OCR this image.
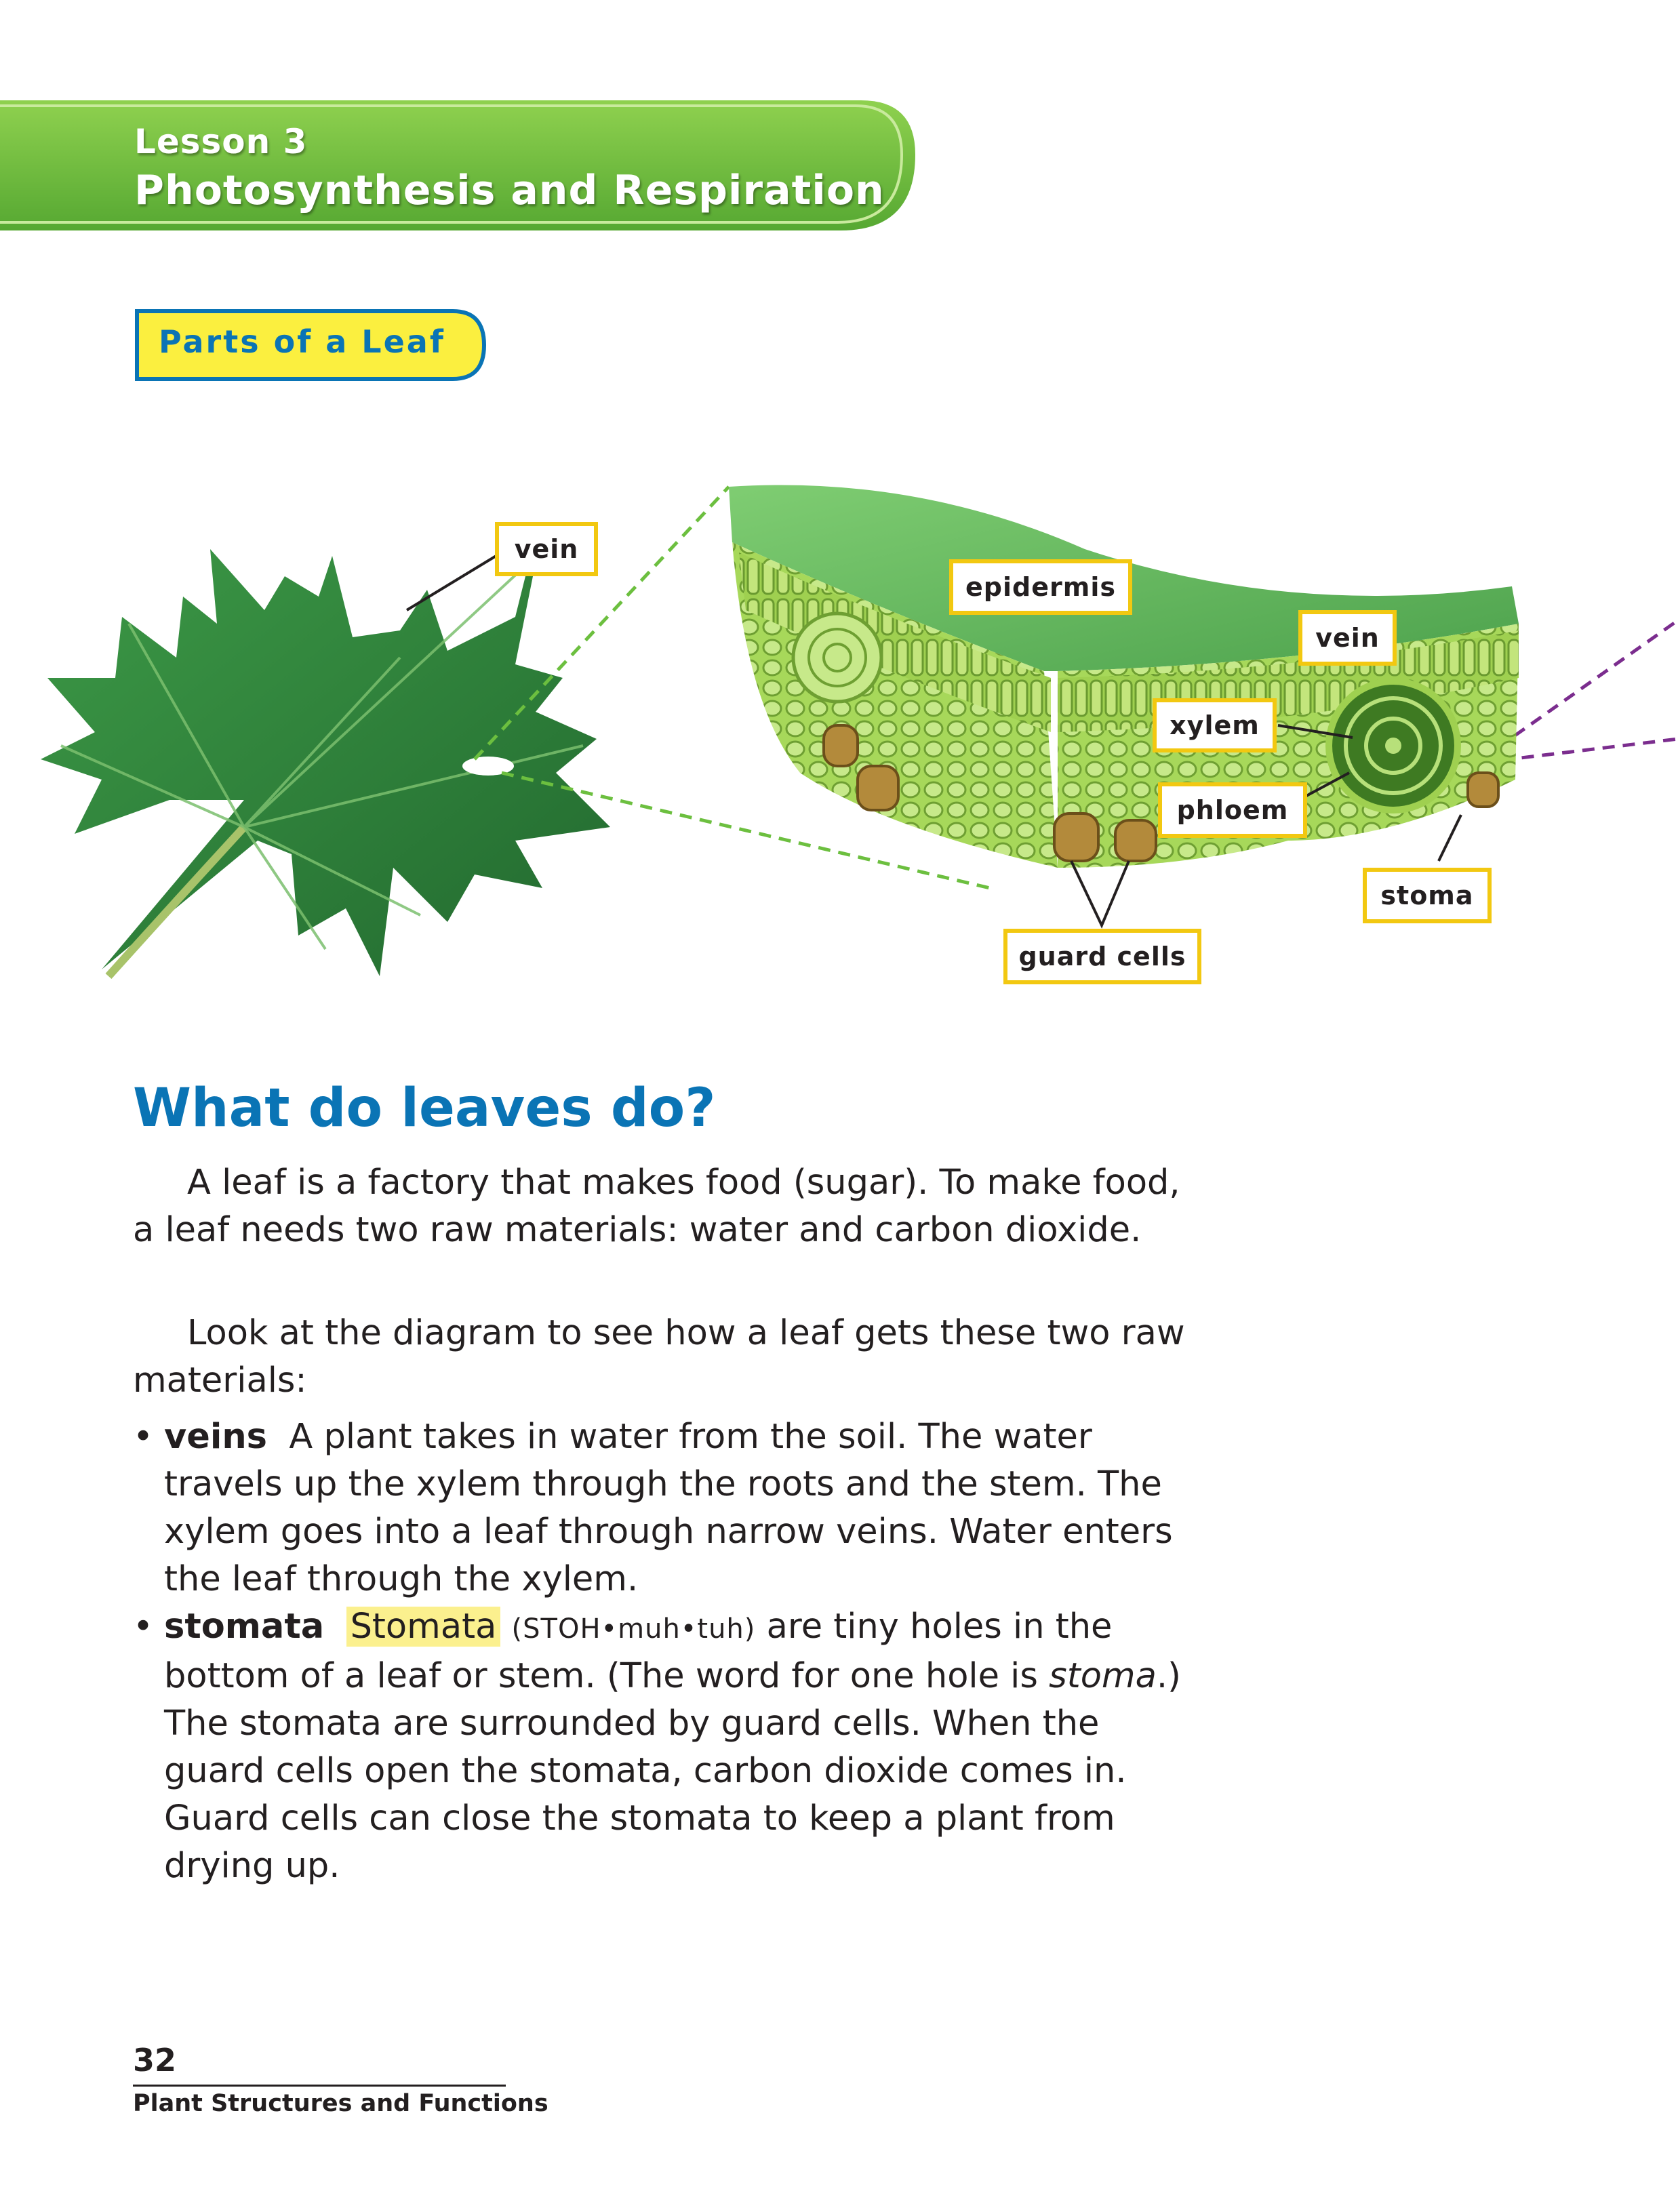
Lesson 3
Photosynthesis and Respiration
Parts of a Leaf
vein
epidermis
vein
xylem
phloem
stoma
guard cells
What do leaves do?
A leaf is a factory that makes food (sugar). To make food, a leaf needs two raw materials: water and carbon dioxide.
Look at the diagram to see how a leaf gets these two raw materials:
• veins A plant takes in water from the soil. The water travels up the xylem through the roots and the stem. The xylem goes into a leaf through narrow veins. Water enters the leaf through the xylem.
• stomata Stomata (STOH•muh•tuh) are tiny holes in the bottom of a leaf or stem. (The word for one hole is stoma.) The stomata are surrounded by guard cells. When the guard cells open the stomata, carbon dioxide comes in. Guard cells can close the stomata to keep a plant from drying up.
32
Plant Structures and Functions
